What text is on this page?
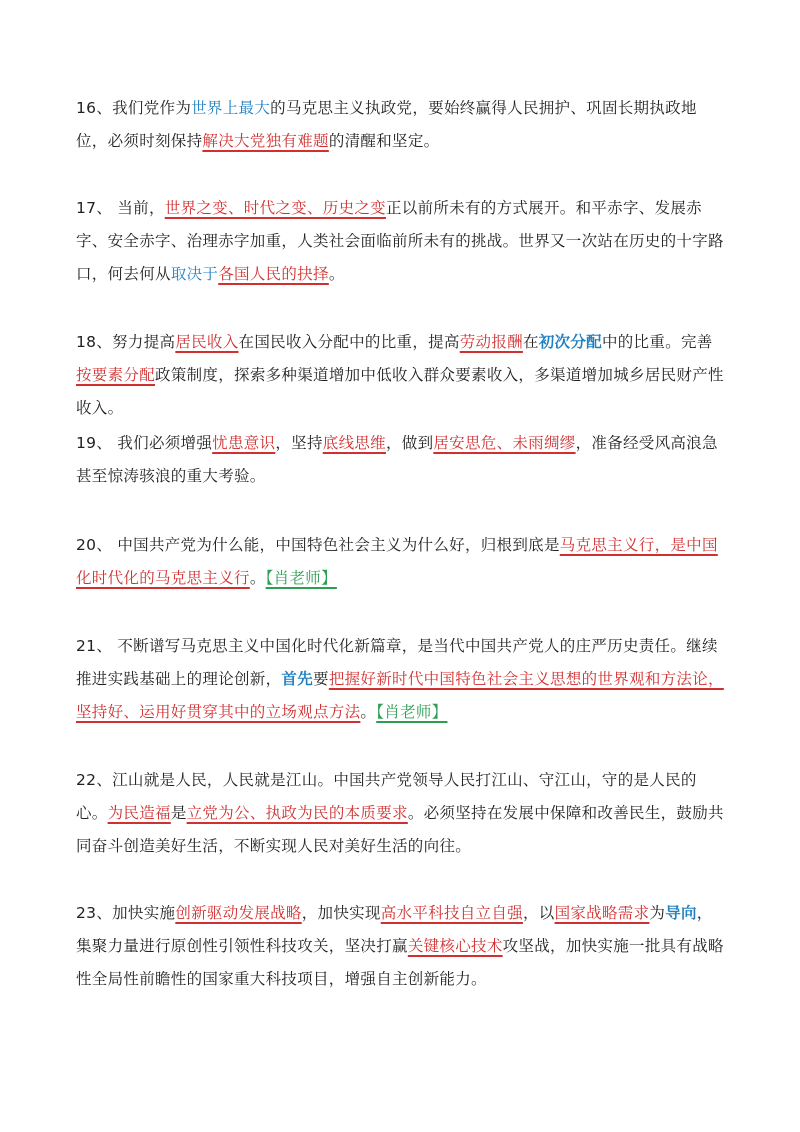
16、我们党作为世界上最大的马克思主义执政党，要始终赢得人民拥护、巩固长期执政地位，必须时刻保持解决大党独有难题的清醒和坚定。
17、 当前，世界之变、时代之变、历史之变正以前所未有的方式展开。和平赤字、发展赤字、安全赤字、治理赤字加重，人类社会面临前所未有的挑战。世界又一次站在历史的十字路口，何去何从取决于各国人民的抉择。
18、努力提高居民收入在国民收入分配中的比重，提高劳动报酬在初次分配中的比重。完善按要素分配政策制度，探索多种渠道增加中低收入群众要素收入，多渠道增加城乡居民财产性收入。
19、 我们必须增强忧患意识，坚持底线思维，做到居安思危、未雨绸缪，准备经受风高浪急甚至惊涛骇浪的重大考验。
20、 中国共产党为什么能，中国特色社会主义为什么好，归根到底是马克思主义行，是中国化时代化的马克思主义行。【肖老师】
21、 不断谱写马克思主义中国化时代化新篇章，是当代中国共产党人的庄严历史责任。继续推进实践基础上的理论创新，首先要把握好新时代中国特色社会主义思想的世界观和方法论，坚持好、运用好贯穿其中的立场观点方法。【肖老师】
22、江山就是人民，人民就是江山。中国共产党领导人民打江山、守江山，守的是人民的心。为民造福是立党为公、执政为民的本质要求。必须坚持在发展中保障和改善民生，鼓励共同奋斗创造美好生活，不断实现人民对美好生活的向往。
23、加快实施创新驱动发展战略，加快实现高水平科技自立自强，以国家战略需求为导向，集聚力量进行原创性引领性科技攻关，坚决打赢关键核心技术攻坚战，加快实施一批具有战略性全局性前瞻性的国家重大科技项目，增强自主创新能力。
